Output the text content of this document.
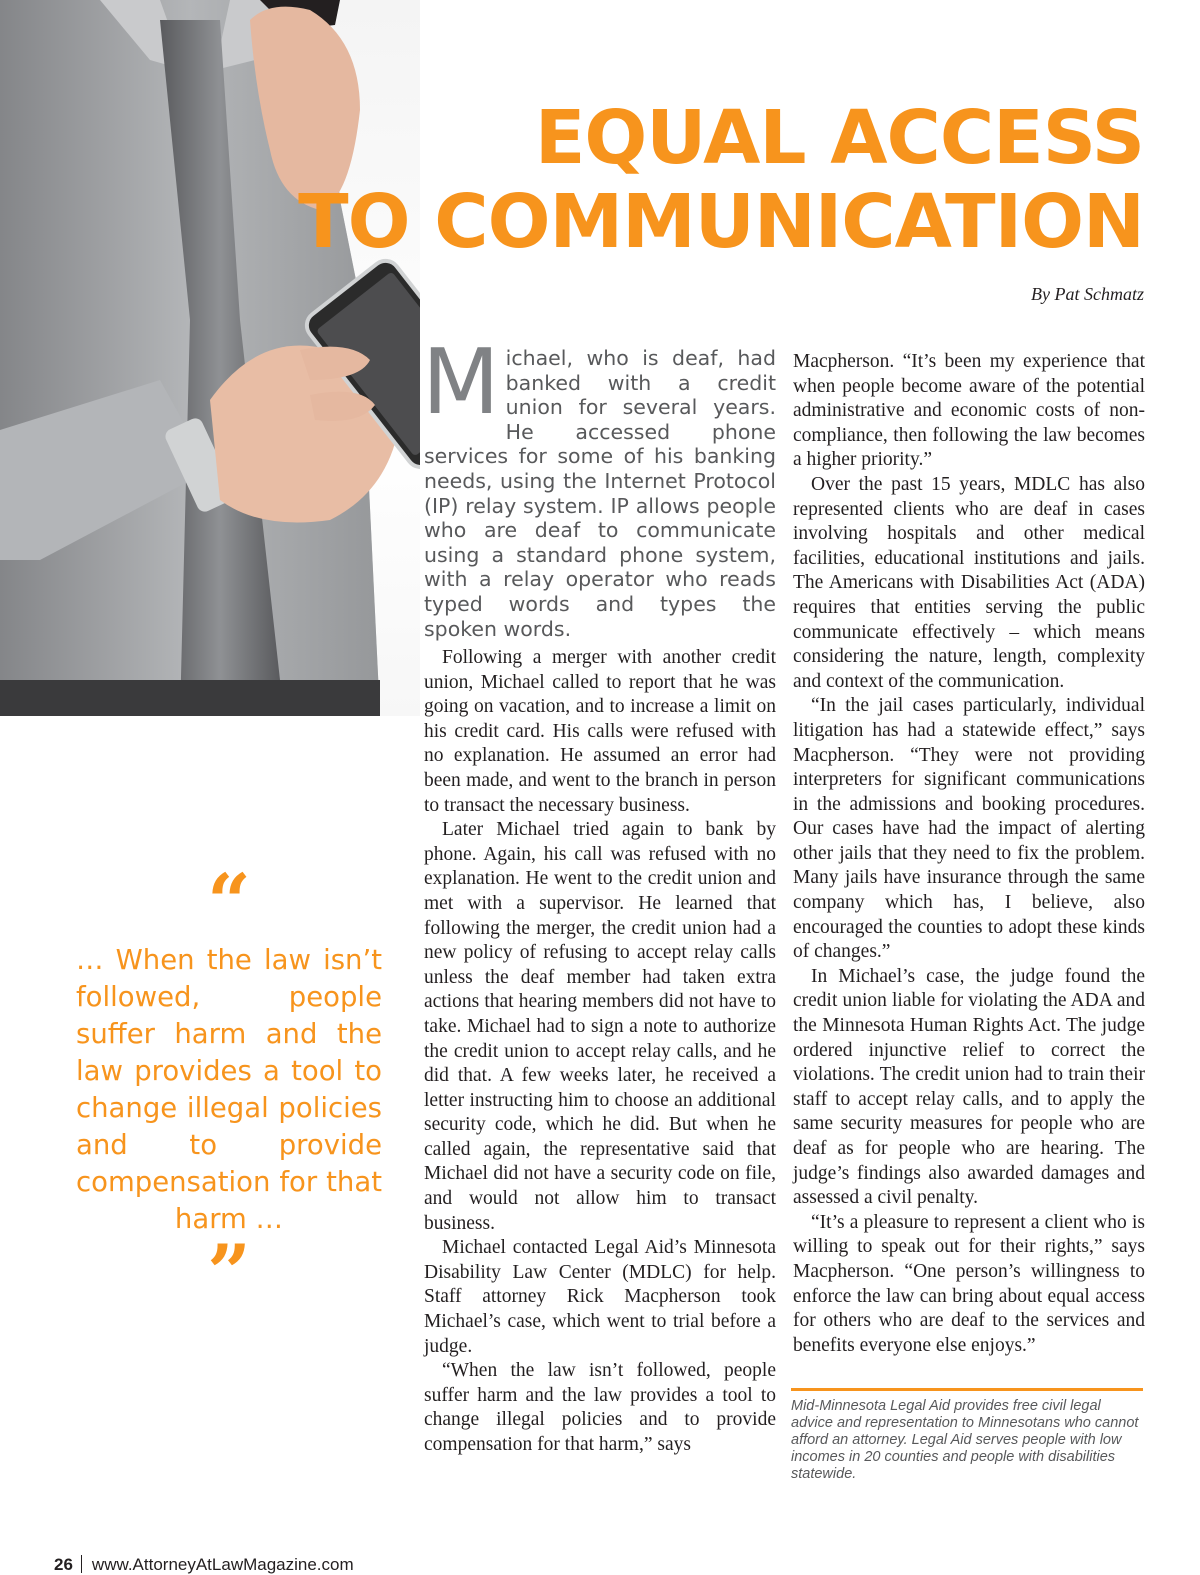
EQUAL ACCESS
TO COMMUNICATION
By Pat Schmatz

Michael, who is deaf, had banked with a credit union for several years. He accessed phone services for some of his banking needs, using the Internet Protocol (IP) relay system. IP allows people who are deaf to communicate using a standard phone system, with a relay operator who reads typed words and types the spoken words.

Following a merger with another credit union, Michael called to report that he was going on vacation, and to increase a limit on his credit card. His calls were refused with no explanation. He assumed an error had been made, and went to the branch in person to transact the necessary business.

Later Michael tried again to bank by phone. Again, his call was refused with no explanation. He went to the credit union and met with a supervisor. He learned that following the merger, the credit union had a new policy of refusing to accept relay calls unless the deaf member had taken extra actions that hearing members did not have to take. Michael had to sign a note to authorize the credit union to accept relay calls, and he did that. A few weeks later, he received a letter instructing him to choose an additional security code, which he did. But when he called again, the representative said that Michael did not have a security code on file, and would not allow him to transact business.

Michael contacted Legal Aid’s Minnesota Disability Law Center (MDLC) for help. Staff attorney Rick Macpherson took Michael’s case, which went to trial before a judge.

“When the law isn’t followed, people suffer harm and the law provides a tool to change illegal policies and to provide compensation for that harm,” says

Macpherson. “It’s been my experience that when people become aware of the potential administrative and economic costs of non-compliance, then following the law becomes a higher priority.”

Over the past 15 years, MDLC has also represented clients who are deaf in cases involving hospitals and other medical facilities, educational institutions and jails. The Americans with Disabilities Act (ADA) requires that entities serving the public communicate effectively – which means considering the nature, length, complexity and context of the communication.

“In the jail cases particularly, individual litigation has had a statewide effect,” says Macpherson. “They were not providing interpreters for significant communications in the admissions and booking procedures. Our cases have had the impact of alerting other jails that they need to fix the problem. Many jails have insurance through the same company which has, I believe, also encouraged the counties to adopt these kinds of changes.”

In Michael’s case, the judge found the credit union liable for violating the ADA and the Minnesota Human Rights Act. The judge ordered injunctive relief to correct the violations. The credit union had to train their staff to accept relay calls, and to apply the same security measures for people who are deaf as for people who are hearing. The judge’s findings also awarded damages and assessed a civil penalty.

“It’s a pleasure to represent a client who is willing to speak out for their rights,” says Macpherson. “One person’s willingness to enforce the law can bring about equal access for others who are deaf to the services and benefits everyone else enjoys.”

“

… When the law isn’t followed, people suffer harm and the law provides a tool to change illegal policies and to provide compensation for that harm …

”

Mid-Minnesota Legal Aid provides free civil legal advice and representation to Minnesotans who cannot afford an attorney. Legal Aid serves people with low incomes in 20 counties and people with disabilities statewide.

26 www.AttorneyAtLawMagazine.com
